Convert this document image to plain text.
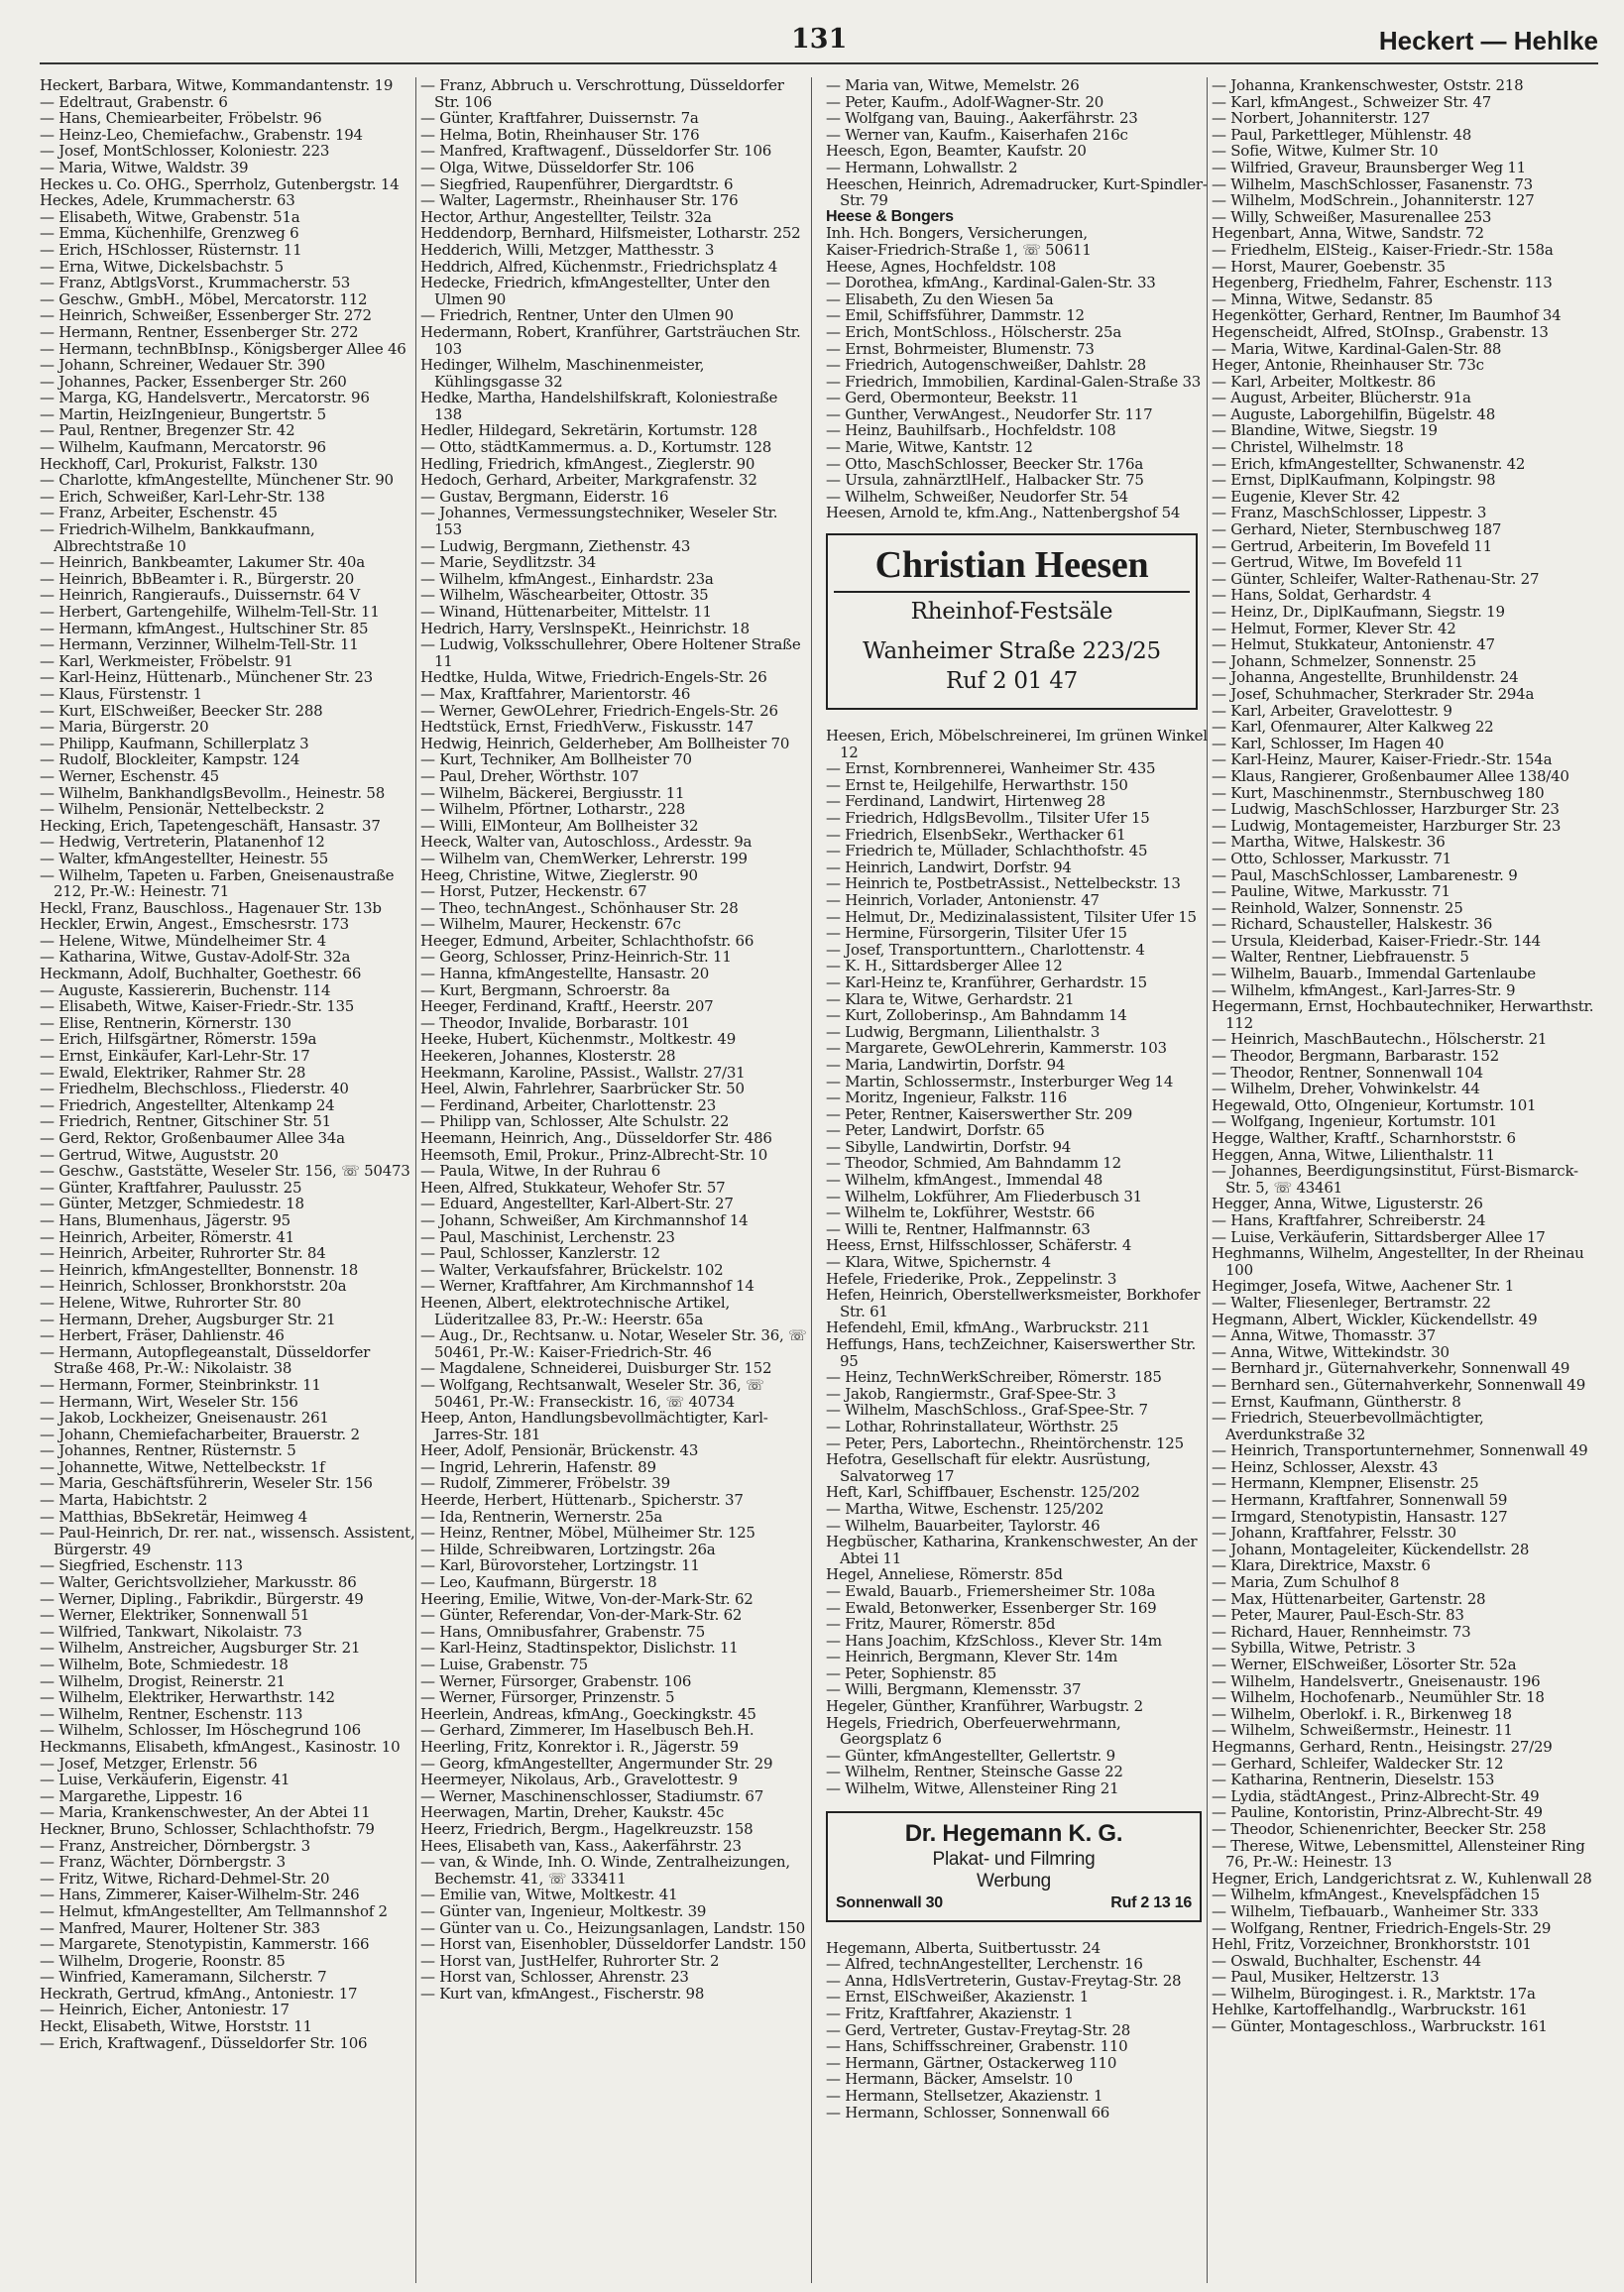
131	Heckert — Hehlke
Heckert, Barbara, Witwe, Kommandantenstr. 19
— Edeltraut, Grabenstr. 6
— Hans, Chemiearbeiter, Fröbelstr. 96
— Heinz-Leo, Chemiefachw., Grabenstr. 194
— Josef, MontSchlosser, Koloniestr. 223
— Maria, Witwe, Waldstr. 39
Heckes u. Co. OHG., Sperrholz, Gutenbergstr. 14
Heckes, Adele, Krummacherstr. 63
— Elisabeth, Witwe, Grabenstr. 51a
— Emma, Küchenhilfe, Grenzweg 6
— Erich, HSchlosser, Rüsternstr. 11
— Erna, Witwe, Dickelsbachstr. 5
— Franz, AbtlgsVorst., Krummacherstr. 53
— Geschw., GmbH., Möbel, Mercatorstr. 112
— Heinrich, Schweißer, Essenberger Str. 272
— Hermann, Rentner, Essenberger Str. 272
— Hermann, technBbInsp., Königsberger Allee 46
— Johann, Schreiner, Wedauer Str. 390
— Johannes, Packer, Essenberger Str. 260
— Marga, KG, Handelsvertr., Mercatorstr. 96
— Martin, HeizIngenieur, Bungertstr. 5
— Paul, Rentner, Bregenzer Str. 42
— Wilhelm, Kaufmann, Mercatorstr. 96
Heckhoff, Carl, Prokurist, Falkstr. 130
— Charlotte, kfmAngestellte, Münchener Str. 90
— Erich, Schweißer, Karl-Lehr-Str. 138
— Franz, Arbeiter, Eschenstr. 45
— Friedrich-Wilhelm, Bankkaufmann, Albrechtstraße 10
— Heinrich, Bankbeamter, Lakumer Str. 40a
— Heinrich, BbBeamter i. R., Bürgerstr. 20
— Heinrich, Rangieraufs., Duissernstr. 64 V
— Herbert, Gartengehilfe, Wilhelm-Tell-Str. 11
— Hermann, kfmAngest., Hultschiner Str. 85
— Hermann, Verzinner, Wilhelm-Tell-Str. 11
— Karl, Werkmeister, Fröbelstr. 91
— Karl-Heinz, Hüttenarb., Münchener Str. 23
— Klaus, Fürstenstr. 1
— Kurt, ElSchweißer, Beecker Str. 288
— Maria, Bürgerstr. 20
— Philipp, Kaufmann, Schillerplatz 3
— Rudolf, Blockleiter, Kampstr. 124
— Werner, Eschenstr. 45
— Wilhelm, BankhandlgsBevollm., Heinestr. 58
— Wilhelm, Pensionär, Nettelbeckstr. 2
Hecking, Erich, Tapetengeschäft, Hansastr. 37
— Hedwig, Vertreterin, Platanenhof 12
— Walter, kfmAngestellter, Heinestr. 55
— Wilhelm, Tapeten u. Farben, Gneisenaustraße 212, Pr.-W.: Heinestr. 71
Heckl, Franz, Bauschloss., Hagenauer Str. 13b
Heckler, Erwin, Angest., Emschesrstr. 173
— Helene, Witwe, Mündelheimer Str. 4
— Katharina, Witwe, Gustav-Adolf-Str. 32a
Heckmann, Adolf, Buchhalter, Goethestr. 66
— Auguste, Kassiererin, Buchenstr. 114
— Elisabeth, Witwe, Kaiser-Friedr.-Str. 135
— Elise, Rentnerin, Körnerstr. 130
— Erich, Hilfsgärtner, Römerstr. 159a
— Ernst, Einkäufer, Karl-Lehr-Str. 17
— Ewald, Elektriker, Rahmer Str. 28
— Friedhelm, Blechschloss., Fliederstr. 40
— Friedrich, Angestellter, Altenkamp 24
— Friedrich, Rentner, Gitschiner Str. 51
— Gerd, Rektor, Großenbaumer Allee 34a
— Gertrud, Witwe, Auguststr. 20
— Geschw., Gaststätte, Weseler Str. 156, ☏ 50473
— Günter, Kraftfahrer, Paulusstr. 25
— Günter, Metzger, Schmiedestr. 18
— Hans, Blumenhaus, Jägerstr. 95
— Heinrich, Arbeiter, Römerstr. 41
— Heinrich, Arbeiter, Ruhrorter Str. 84
— Heinrich, kfmAngestellter, Bonnenstr. 18
— Heinrich, Schlosser, Bronkhorststr. 20a
— Helene, Witwe, Ruhrorter Str. 80
— Hermann, Dreher, Augsburger Str. 21
— Herbert, Fräser, Dahlienstr. 46
— Hermann, Autopflegeanstalt, Düsseldorfer Straße 468, Pr.-W.: Nikolaistr. 38
— Hermann, Former, Steinbrinkstr. 11
— Hermann, Wirt, Weseler Str. 156
— Jakob, Lockheizer, Gneisenaustr. 261
— Johann, Chemiefacharbeiter, Brauerstr. 2
— Johannes, Rentner, Rüsternstr. 5
— Johannette, Witwe, Nettelbeckstr. 1f
— Maria, Geschäftsführerin, Weseler Str. 156
— Marta, Habichtstr. 2
— Matthias, BbSekretär, Heimweg 4
— Paul-Heinrich, Dr. rer. nat., wissensch. Assistent, Bürgerstr. 49
— Siegfried, Eschenstr. 113
— Walter, Gerichtsvollzieher, Markusstr. 86
— Werner, Dipling., Fabrikdir., Bürgerstr. 49
— Werner, Elektriker, Sonnenwall 51
— Wilfried, Tankwart, Nikolaistr. 73
— Wilhelm, Anstreicher, Augsburger Str. 21
— Wilhelm, Bote, Schmiedestr. 18
— Wilhelm, Drogist, Reinerstr. 21
— Wilhelm, Elektriker, Herwarthstr. 142
— Wilhelm, Rentner, Eschenstr. 113
— Wilhelm, Schlosser, Im Höschegrund 106
Heckmanns, Elisabeth, kfmAngest., Kasinostr. 10
— Josef, Metzger, Erlenstr. 56
— Luise, Verkäuferin, Eigenstr. 41
— Margarethe, Lippestr. 16
— Maria, Krankenschwester, An der Abtei 11
Heckner, Bruno, Schlosser, Schlachthofstr. 79
— Franz, Anstreicher, Dörnbergstr. 3
— Franz, Wächter, Dörnbergstr. 3
— Fritz, Witwe, Richard-Dehmel-Str. 20
— Hans, Zimmerer, Kaiser-Wilhelm-Str. 246
— Helmut, kfmAngestellter, Am Tellmannshof 2
— Manfred, Maurer, Holtener Str. 383
— Margarete, Stenotypistin, Kammerstr. 166
— Wilhelm, Drogerie, Roonstr. 85
— Winfried, Kameramann, Silcherstr. 7
Heckrath, Gertrud, kfmAng., Antoniestr. 17
— Heinrich, Eicher, Antoniestr. 17
Heckt, Elisabeth, Witwe, Horststr. 11
— Erich, Kraftwagenf., Düsseldorfer Str. 106
— Franz, Abbruch u. Verschrottung, Düsseldorfer Str. 106
— Günter, Kraftfahrer, Duissernstr. 7a
— Helma, Botin, Rheinhauser Str. 176
— Manfred, Kraftwagenf., Düsseldorfer Str. 106
— Olga, Witwe, Düsseldorfer Str. 106
— Siegfried, Raupenführer, Diergardtstr. 6
— Walter, Lagermstr., Rheinhauser Str. 176
Hector, Arthur, Angestellter, Teilstr. 32a
Heddendorp, Bernhard, Hilfsmeister, Lotharstr. 252
Hedderich, Willi, Metzger, Matthesstr. 3
Heddrich, Alfred, Küchenmstr., Friedrichsplatz 4
Hedecke, Friedrich, kfmAngestellter, Unter den Ulmen 90
— Friedrich, Rentner, Unter den Ulmen 90
Hedermann, Robert, Kranführer, Gartsträuchen Str. 103
Hedinger, Wilhelm, Maschinenmeister, Kühlingsgasse 32
Hedke, Martha, Handelshilfskraft, Koloniestraße 138
Hedler, Hildegard, Sekretärin, Kortumstr. 128
— Otto, städtKammermus. a. D., Kortumstr. 128
Hedling, Friedrich, kfmAngest., Zieglerstr. 90
Hedoch, Gerhard, Arbeiter, Markgrafenstr. 32
— Gustav, Bergmann, Eiderstr. 16
— Johannes, Vermessungstechniker, Weseler Str. 153
— Ludwig, Bergmann, Ziethenstr. 43
— Marie, Seydlitzstr. 34
— Wilhelm, kfmAngest., Einhardstr. 23a
— Wilhelm, Wäschearbeiter, Ottostr. 35
— Winand, Hüttenarbeiter, Mittelstr. 11
Hedrich, Harry, VerslnspeKt., Heinrichstr. 18
— Ludwig, Volksschullehrer, Obere Holtener Straße 11
Hedtke, Hulda, Witwe, Friedrich-Engels-Str. 26
— Max, Kraftfahrer, Marientorstr. 46
— Werner, GewOLehrer, Friedrich-Engels-Str. 26
Hedtstück, Ernst, FriedhVerw., Fiskusstr. 147
Hedwig, Heinrich, Gelderheber, Am Bollheister 70
— Kurt, Techniker, Am Bollheister 70
— Paul, Dreher, Wörthstr. 107
— Wilhelm, Bäckerei, Bergiusstr. 11
— Wilhelm, Pförtner, Lotharstr., 228
— Willi, ElMonteur, Am Bollheister 32
Heeck, Walter van, Autoschloss., Ardesstr. 9a
— Wilhelm van, ChemWerker, Lehrerstr. 199
Heeg, Christine, Witwe, Zieglerstr. 90
— Horst, Putzer, Heckenstr. 67
— Theo, technAngest., Schönhauser Str. 28
— Wilhelm, Maurer, Heckenstr. 67c
Heeger, Edmund, Arbeiter, Schlachthofstr. 66
— Georg, Schlosser, Prinz-Heinrich-Str. 11
— Hanna, kfmAngestellte, Hansastr. 20
— Kurt, Bergmann, Schroerstr. 8a
Heeger, Ferdinand, Kraftf., Heerstr. 207
— Theodor, Invalide, Borbarastr. 101
Heeke, Hubert, Küchenmstr., Moltkestr. 49
Heekeren, Johannes, Klosterstr. 28
Heekmann, Karoline, PAssist., Wallstr. 27/31
Heel, Alwin, Fahrlehrer, Saarbrücker Str. 50
— Ferdinand, Arbeiter, Charlottenstr. 23
— Philipp van, Schlosser, Alte Schulstr. 22
Heemann, Heinrich, Ang., Düsseldorfer Str. 486
Heemsoth, Emil, Prokur., Prinz-Albrecht-Str. 10
— Paula, Witwe, In der Ruhrau 6
Heen, Alfred, Stukkateur, Wehofer Str. 57
— Eduard, Angestellter, Karl-Albert-Str. 27
— Johann, Schweißer, Am Kirchmannshof 14
— Paul, Maschinist, Lerchenstr. 23
— Paul, Schlosser, Kanzlerstr. 12
— Walter, Verkaufsfahrer, Brückelstr. 102
— Werner, Kraftfahrer, Am Kirchmannshof 14
Heenen, Albert, elektrotechnische Artikel, Lüderitzallee 83, Pr.-W.: Heerstr. 65a
— Aug., Dr., Rechtsanw. u. Notar, Weseler Str. 36, ☏ 50461, Pr.-W.: Kaiser-Friedrich-Str. 46
— Magdalene, Schneiderei, Duisburger Str. 152
— Wolfgang, Rechtsanwalt, Weseler Str. 36, ☏ 50461, Pr.-W.: Franseckistr. 16, ☏ 40734
Heep, Anton, Handlungsbevollmächtigter, Karl-Jarres-Str. 181
Heer, Adolf, Pensionär, Brückenstr. 43
— Ingrid, Lehrerin, Hafenstr. 89
— Rudolf, Zimmerer, Fröbelstr. 39
Heerde, Herbert, Hüttenarb., Spicherstr. 37
— Ida, Rentnerin, Wernerstr. 25a
— Heinz, Rentner, Möbel, Mülheimer Str. 125
— Hilde, Schreibwaren, Lortzingstr. 26a
— Karl, Bürovorsteher, Lortzingstr. 11
— Leo, Kaufmann, Bürgerstr. 18
Heering, Emilie, Witwe, Von-der-Mark-Str. 62
— Günter, Referendar, Von-der-Mark-Str. 62
— Hans, Omnibusfahrer, Grabenstr. 75
— Karl-Heinz, Stadtinspektor, Dislichstr. 11
— Luise, Grabenstr. 75
— Werner, Fürsorger, Grabenstr. 106
— Werner, Fürsorger, Prinzenstr. 5
Heerlein, Andreas, kfmAng., Goeckingkstr. 45
— Gerhard, Zimmerer, Im Haselbusch Beh.H.
Heerling, Fritz, Konrektor i. R., Jägerstr. 59
— Georg, kfmAngestellter, Angermunder Str. 29
Heermeyer, Nikolaus, Arb., Gravelottestr. 9
— Werner, Maschinenschlosser, Stadiumstr. 67
Heerwagen, Martin, Dreher, Kaukstr. 45c
Heerz, Friedrich, Bergm., Hagelkreuzstr. 158
Hees, Elisabeth van, Kass., Aakerfährstr. 23
— van, & Winde, Inh. O. Winde, Zentralheizungen, Bechemstr. 41, ☏ 333411
— Emilie van, Witwe, Moltkestr. 41
— Günter van, Ingenieur, Moltkestr. 39
— Günter van u. Co., Heizungsanlagen, Landstr. 150
— Horst van, Eisenhobler, Düsseldorfer Landstr. 150
— Horst van, JustHelfer, Ruhrorter Str. 2
— Horst van, Schlosser, Ahrenstr. 23
— Kurt van, kfmAngest., Fischerstr. 98
— Maria van, Witwe, Memelstr. 26
— Peter, Kaufm., Adolf-Wagner-Str. 20
— Wolfgang van, Bauing., Aakerfährstr. 23
— Werner van, Kaufm., Kaiserhafen 216c
Heesch, Egon, Beamter, Kaufstr. 20
— Hermann, Lohwallstr. 2
Heeschen, Heinrich, Adremadrucker, Kurt-Spindler-Str. 79
Heese & Bongers
Inh. Hch. Bongers, Versicherungen,
Kaiser-Friedrich-Straße 1, ☏ 50611
Heese, Agnes, Hochfeldstr. 108
— Dorothea, kfmAng., Kardinal-Galen-Str. 33
— Elisabeth, Zu den Wiesen 5a
— Emil, Schiffsführer, Dammstr. 12
— Erich, MontSchloss., Hölscherstr. 25a
— Ernst, Bohrmeister, Blumenstr. 73
— Friedrich, Autogenschweißer, Dahlstr. 28
— Friedrich, Immobilien, Kardinal-Galen-Straße 33
— Gerd, Obermonteur, Beekstr. 11
— Gunther, VerwAngest., Neudorfer Str. 117
— Heinz, Bauhilfsarb., Hochfeldstr. 108
— Marie, Witwe, Kantstr. 12
— Otto, MaschSchlosser, Beecker Str. 176a
— Ursula, zahnärztlHelf., Halbacker Str. 75
— Wilhelm, Schweißer, Neudorfer Str. 54
Heesen, Arnold te, kfm.Ang., Nattenbergshof 54
Christian Heesen
Rheinhof-Festsäle
Wanheimer Straße 223/25
Ruf 2 01 47
Heesen, Erich, Möbelschreinerei, Im grünen Winkel 12
— Ernst, Kornbrennerei, Wanheimer Str. 435
— Ernst te, Heilgehilfe, Herwarthstr. 150
— Ferdinand, Landwirt, Hirtenweg 28
— Friedrich, HdlgsBevollm., Tilsiter Ufer 15
— Friedrich, ElsenbSekr., Werthacker 61
— Friedrich te, Müllader, Schlachthofstr. 45
— Heinrich, Landwirt, Dorfstr. 94
— Heinrich te, PostbetrAssist., Nettelbeckstr. 13
— Heinrich, Vorlader, Antonienstr. 47
— Helmut, Dr., Medizinalassistent, Tilsiter Ufer 15
— Hermine, Fürsorgerin, Tilsiter Ufer 15
— Josef, Transportunttern., Charlottenstr. 4
— K. H., Sittardsberger Allee 12
— Karl-Heinz te, Kranführer, Gerhardstr. 15
— Klara te, Witwe, Gerhardstr. 21
— Kurt, Zolloberinsp., Am Bahndamm 14
— Ludwig, Bergmann, Lilienthalstr. 3
— Margarete, GewOLehrerin, Kammerstr. 103
— Maria, Landwirtin, Dorfstr. 94
— Martin, Schlossermstr., Insterburger Weg 14
— Moritz, Ingenieur, Falkstr. 116
— Peter, Rentner, Kaiserswerther Str. 209
— Peter, Landwirt, Dorfstr. 65
— Sibylle, Landwirtin, Dorfstr. 94
— Theodor, Schmied, Am Bahndamm 12
— Wilhelm, kfmAngest., Immendal 48
— Wilhelm, Lokführer, Am Fliederbusch 31
— Wilhelm te, Lokführer, Weststr. 66
— Willi te, Rentner, Halfmannstr. 63
Heess, Ernst, Hilfsschlosser, Schäferstr. 4
— Klara, Witwe, Spichernstr. 4
Hefele, Friederike, Prok., Zeppelinstr. 3
Hefen, Heinrich, Oberstellwerksmeister, Borkhofer Str. 61
Hefendehl, Emil, kfmAng., Warbruckstr. 211
Heffungs, Hans, techZeichner, Kaiserswerther Str. 95
— Heinz, TechnWerkSchreiber, Römerstr. 185
— Jakob, Rangiermstr., Graf-Spee-Str. 3
— Wilhelm, MaschSchloss., Graf-Spee-Str. 7
— Lothar, Rohrinstallateur, Wörthstr. 25
— Peter, Pers, Labortechn., Rheintörchenstr. 125
Hefotra, Gesellschaft für elektr. Ausrüstung, Salvatorweg 17
Heft, Karl, Schiffbauer, Eschenstr. 125/202
— Martha, Witwe, Eschenstr. 125/202
— Wilhelm, Bauarbeiter, Taylorstr. 46
Hegbüscher, Katharina, Krankenschwester, An der Abtei 11
Hegel, Anneliese, Römerstr. 85d
— Ewald, Bauarb., Friemersheimer Str. 108a
— Ewald, Betonwerker, Essenberger Str. 169
— Fritz, Maurer, Römerstr. 85d
— Hans Joachim, KfzSchloss., Klever Str. 14m
— Heinrich, Bergmann, Klever Str. 14m
— Peter, Sophienstr. 85
— Willi, Bergmann, Klemensstr. 37
Hegeler, Günther, Kranführer, Warbugstr. 2
Hegels, Friedrich, Oberfeuerwehrmann, Georgsplatz 6
— Günter, kfmAngestellter, Gellertstr. 9
— Wilhelm, Rentner, Steinsche Gasse 22
— Wilhelm, Witwe, Allensteiner Ring 21
Dr. Hegemann K. G.
Plakat- und Filmring
Werbung
Sonnenwall 30	Ruf 2 13 16
Hegemann, Alberta, Suitbertusstr. 24
— Alfred, technAngestellter, Lerchenstr. 16
— Anna, HdlsVertreterin, Gustav-Freytag-Str. 28
— Ernst, ElSchweißer, Akazienstr. 1
— Fritz, Kraftfahrer, Akazienstr. 1
— Gerd, Vertreter, Gustav-Freytag-Str. 28
— Hans, Schiffsschreiner, Grabenstr. 110
— Hermann, Gärtner, Ostackerweg 110
— Hermann, Bäcker, Amselstr. 10
— Hermann, Stellsetzer, Akazienstr. 1
— Hermann, Schlosser, Sonnenwall 66
— Johanna, Krankenschwester, Oststr. 218
— Karl, kfmAngest., Schweizer Str. 47
— Norbert, Johanniterstr. 127
— Paul, Parkettleger, Mühlenstr. 48
— Sofie, Witwe, Kulmer Str. 10
— Wilfried, Graveur, Braunsberger Weg 11
— Wilhelm, MaschSchlosser, Fasanenstr. 73
— Wilhelm, ModSchrein., Johanniterstr. 127
— Willy, Schweißer, Masurenallee 253
Hegenbart, Anna, Witwe, Sandstr. 72
— Friedhelm, ElSteig., Kaiser-Friedr.-Str. 158a
— Horst, Maurer, Goebenstr. 35
Hegenberg, Friedhelm, Fahrer, Eschenstr. 113
— Minna, Witwe, Sedanstr. 85
Hegenkötter, Gerhard, Rentner, Im Baumhof 34
Hegenscheidt, Alfred, StOInsp., Grabenstr. 13
— Maria, Witwe, Kardinal-Galen-Str. 88
Heger, Antonie, Rheinhauser Str. 73c
— Karl, Arbeiter, Moltkestr. 86
— August, Arbeiter, Blücherstr. 91a
— Auguste, Laborgehilfin, Bügelstr. 48
— Blandine, Witwe, Siegstr. 19
— Christel, Wilhelmstr. 18
— Erich, kfmAngestellter, Schwanenstr. 42
— Ernst, DiplKaufmann, Kolpingstr. 98
— Eugenie, Klever Str. 42
— Franz, MaschSchlosser, Lippestr. 3
— Gerhard, Nieter, Sternbuschweg 187
— Gertrud, Arbeiterin, Im Bovefeld 11
— Gertrud, Witwe, Im Bovefeld 11
— Günter, Schleifer, Walter-Rathenau-Str. 27
— Hans, Soldat, Gerhardstr. 4
— Heinz, Dr., DiplKaufmann, Siegstr. 19
— Helmut, Former, Klever Str. 42
— Helmut, Stukkateur, Antonienstr. 47
— Johann, Schmelzer, Sonnenstr. 25
— Johanna, Angestellte, Brunhildenstr. 24
— Josef, Schuhmacher, Sterkrader Str. 294a
— Karl, Arbeiter, Gravelottestr. 9
— Karl, Ofenmaurer, Alter Kalkweg 22
— Karl, Schlosser, Im Hagen 40
— Karl-Heinz, Maurer, Kaiser-Friedr.-Str. 154a
— Klaus, Rangierer, Großenbaumer Allee 138/40
— Kurt, Maschinenmstr., Sternbuschweg 180
— Ludwig, MaschSchlosser, Harzburger Str. 23
— Ludwig, Montagemeister, Harzburger Str. 23
— Martha, Witwe, Halskestr. 36
— Otto, Schlosser, Markusstr. 71
— Paul, MaschSchlosser, Lambarenestr. 9
— Pauline, Witwe, Markusstr. 71
— Reinhold, Walzer, Sonnenstr. 25
— Richard, Schausteller, Halskestr. 36
— Ursula, Kleiderbad, Kaiser-Friedr.-Str. 144
— Walter, Rentner, Liebfrauenstr. 5
— Wilhelm, Bauarb., Immendal Gartenlaube
— Wilhelm, kfmAngest., Karl-Jarres-Str. 9
Hegermann, Ernst, Hochbautechniker, Herwarthstr. 112
— Heinrich, MaschBautechn., Hölscherstr. 21
— Theodor, Bergmann, Barbarastr. 152
— Theodor, Rentner, Sonnenwall 104
— Wilhelm, Dreher, Vohwinkelstr. 44
Hegewald, Otto, OIngenieur, Kortumstr. 101
— Wolfgang, Ingenieur, Kortumstr. 101
Hegge, Walther, Kraftf., Scharnhorststr. 6
Heggen, Anna, Witwe, Lilienthalstr. 11
— Johannes, Beerdigungsinstitut, Fürst-Bismarck-Str. 5, ☏ 43461
Hegger, Anna, Witwe, Ligusterstr. 26
— Hans, Kraftfahrer, Schreiberstr. 24
— Luise, Verkäuferin, Sittardsberger Allee 17
Heghmanns, Wilhelm, Angestellter, In der Rheinau 100
Hegimger, Josefa, Witwe, Aachener Str. 1
— Walter, Fliesenleger, Bertramstr. 22
Hegmann, Albert, Wickler, Kückendellstr. 49
— Anna, Witwe, Thomasstr. 37
— Anna, Witwe, Wittekindstr. 30
— Bernhard jr., Güternahverkehr, Sonnenwall 49
— Bernhard sen., Güternahverkehr, Sonnenwall 49
— Ernst, Kaufmann, Güntherstr. 8
— Friedrich, Steuerbevollmächtigter, Averdunkstraße 32
— Heinrich, Transportunternehmer, Sonnenwall 49
— Heinz, Schlosser, Alexstr. 43
— Hermann, Klempner, Elisenstr. 25
— Hermann, Kraftfahrer, Sonnenwall 59
— Irmgard, Stenotypistin, Hansastr. 127
— Johann, Kraftfahrer, Felsstr. 30
— Johann, Montageleiter, Kückendellstr. 28
— Klara, Direktrice, Maxstr. 6
— Maria, Zum Schulhof 8
— Max, Hüttenarbeiter, Gartenstr. 28
— Peter, Maurer, Paul-Esch-Str. 83
— Richard, Hauer, Rennheimstr. 73
— Sybilla, Witwe, Petristr. 3
— Werner, ElSchweißer, Lösorter Str. 52a
— Wilhelm, Handelsvertr., Gneisenaustr. 196
— Wilhelm, Hochofenarb., Neumühler Str. 18
— Wilhelm, Oberlokf. i. R., Birkenweg 18
— Wilhelm, Schweißermstr., Heinestr. 11
Hegmanns, Gerhard, Rentn., Heisingstr. 27/29
— Gerhard, Schleifer, Waldecker Str. 12
— Katharina, Rentnerin, Dieselstr. 153
— Lydia, städtAngest., Prinz-Albrecht-Str. 49
— Pauline, Kontoristin, Prinz-Albrecht-Str. 49
— Theodor, Schienenrichter, Beecker Str. 258
— Therese, Witwe, Lebensmittel, Allensteiner Ring 76, Pr.-W.: Heinestr. 13
Hegner, Erich, Landgerichtsrat z. W., Kuhlenwall 28
— Wilhelm, kfmAngest., Knevelspfädchen 15
— Wilhelm, Tiefbauarb., Wanheimer Str. 333
— Wolfgang, Rentner, Friedrich-Engels-Str. 29
Hehl, Fritz, Vorzeichner, Bronkhorststr. 101
— Oswald, Buchhalter, Eschenstr. 44
— Paul, Musiker, Heltzerstr. 13
— Wilhelm, Bürogingest. i. R., Marktstr. 17a
Hehlke, Kartoffelhandlg., Warbruckstr. 161
— Günter, Montageschloss., Warbruckstr. 161
